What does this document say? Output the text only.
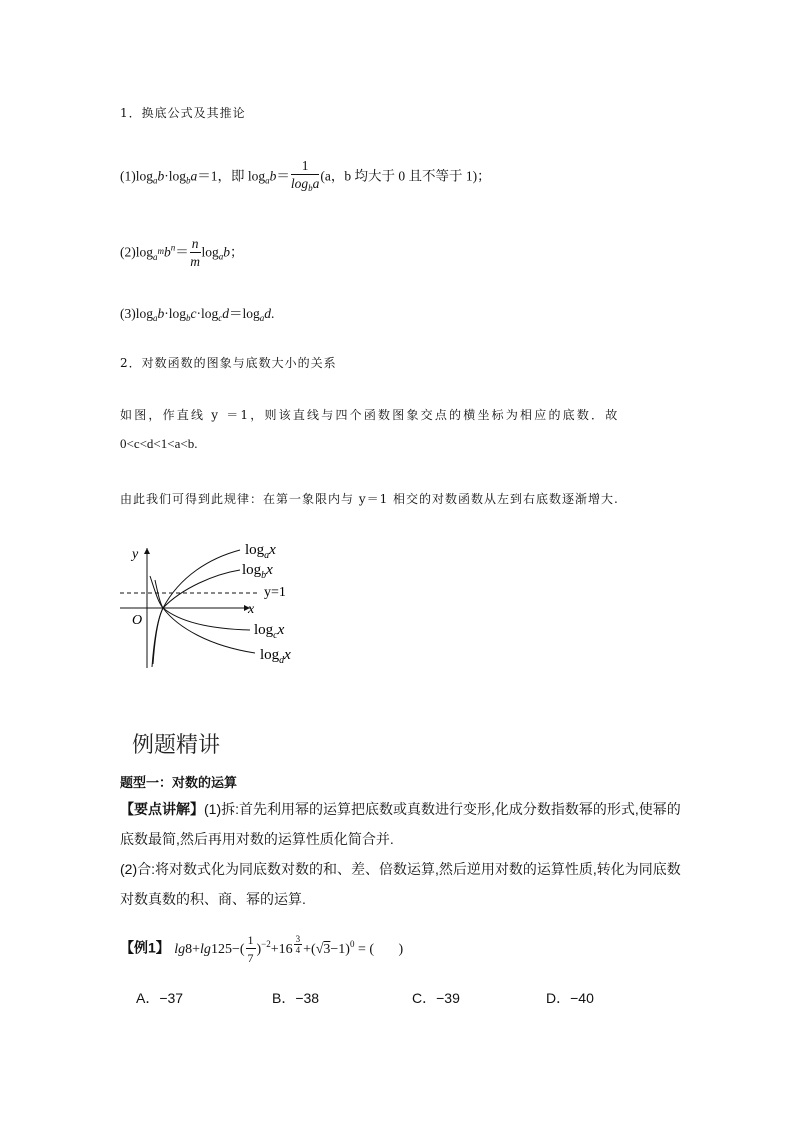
1．换底公式及其推论
$(1)\log_ab\cdot\log_ba=1$，即 $\log_ab= \frac{1}{\log_ba} (a$，b 均大于 0 且不等于 1)；
$(2)\log_{a^m}b^n= \frac{n}{m} \log_ab$；
$(3)\log_ab\cdot\log_bc\cdot\log_cd=\log_ad$.
2．对数函数的图象与底数大小的关系
如图，作直线 y ＝1，则该直线与四个函数图象交点的横坐标为相应的底数．故
0<c<d<1<a<b.
由此我们可得到此规律：在第一象限内与 y＝1 相交的对数函数从左到右底数逐渐增大.
y
x
O
y=1
$\log_ax$
$\log_bx$
$\log_cx$
$\log_dx$
例题精讲
题型一：对数的运算
【要点讲解】(1)拆:首先利用幂的运算把底数或真数进行变形,化成分数指数幂的形式,使幂的
底数最简,然后再用对数的运算性质化简合并.
(2)合:将对数式化为同底数对数的和、差、倍数运算,然后逆用对数的运算性质,转化为同底数
对数真数的积、商、幂的运算.
【例1】 $\lg 8+\lg 125-( \frac{1}{7} )^{-2}+16$ $^{\frac{3}{4}} +(√3-1)^0$ = (       )
A．−37	B．−38	C．−39	D．−40
